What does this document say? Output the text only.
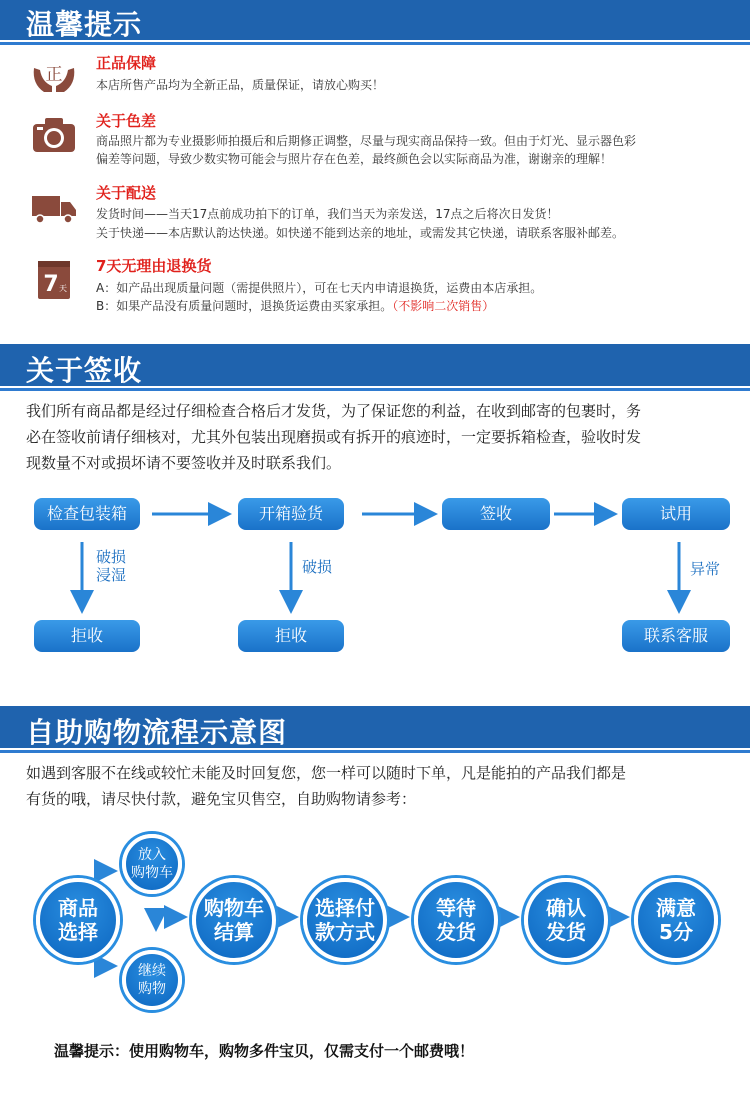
温馨提示
正
正品保障
本店所售产品均为全新正品，质量保证，请放心购买！
关于色差
商品照片都为专业摄影师拍摄后和后期修正调整，尽量与现实商品保持一致。但由于灯光、显示器色彩
偏差等问题，导致少数实物可能会与照片存在色差，最终颜色会以实际商品为准，谢谢亲的理解！
关于配送
发货时间——当天17点前成功拍下的订单，我们当天为亲发送，17点之后将次日发货！
关于快递——本店默认韵达快递。如快递不能到达亲的地址，或需发其它快递，请联系客服补邮差。
7 天
7天无理由退换货
A：如产品出现质量问题（需提供照片），可在七天内申请退换货，运费由本店承担。
B：如果产品没有质量问题时，退换货运费由买家承担。（不影响二次销售）
关于签收
我们所有商品都是经过仔细检查合格后才发货，为了保证您的利益，在收到邮寄的包裹时，务
必在签收前请仔细核对，尤其外包装出现磨损或有拆开的痕迹时，一定要拆箱检查，验收时发
现数量不对或损坏请不要签收并及时联系我们。
检查包装箱	开箱验货	签收	试用
破损
浸湿	破损	异常
拒收	拒收	联系客服
自助购物流程示意图
如遇到客服不在线或较忙未能及时回复您，您一样可以随时下单，凡是能拍的产品我们都是
有货的哦，请尽快付款，避免宝贝售空，自助购物请参考：
商品
选择
放入
购物车
继续
购物
购物车
结算
选择付
款方式
等待
发货
确认
发货
满意
5分
温馨提示：使用购物车，购物多件宝贝，仅需支付一个邮费哦！
